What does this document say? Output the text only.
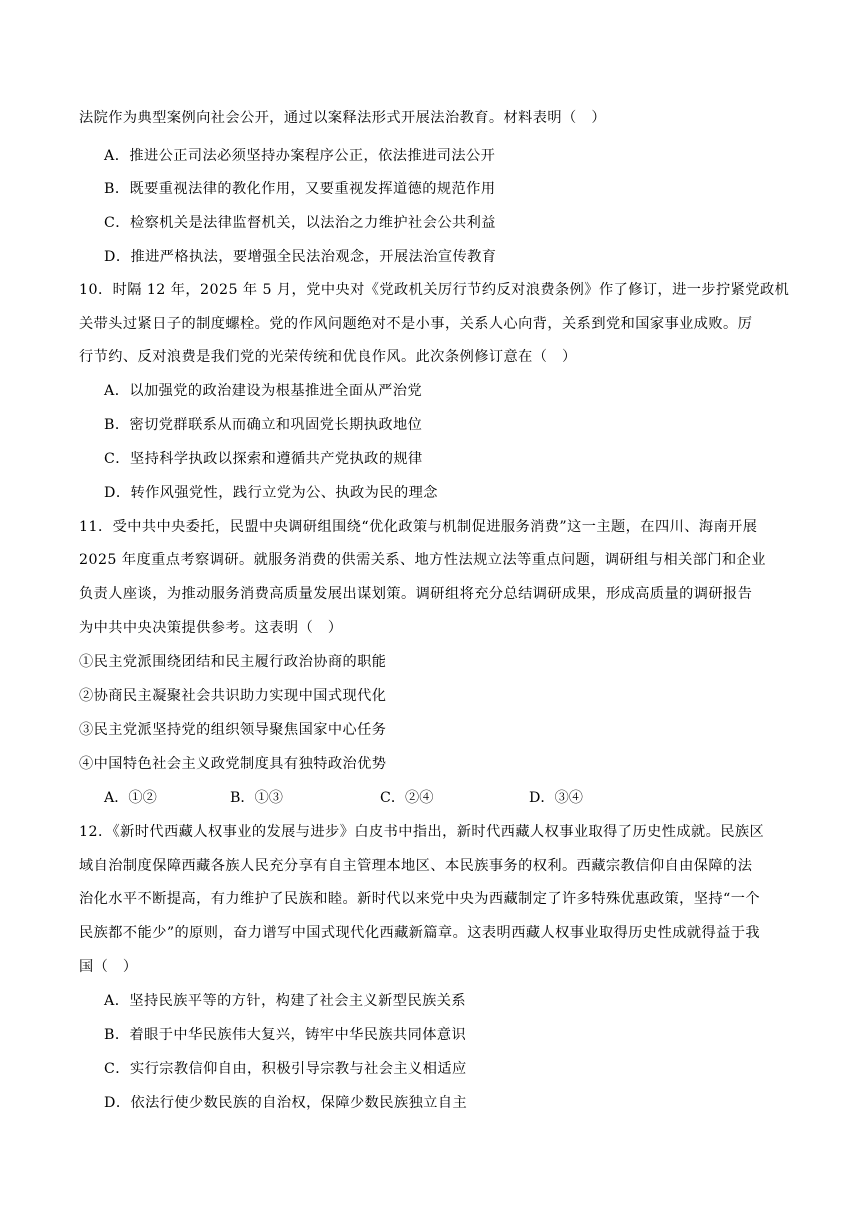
法院作为典型案例向社会公开，通过以案释法形式开展法治教育。材料表明（　）
A．推进公正司法必须坚持办案程序公正，依法推进司法公开
B．既要重视法律的教化作用，又要重视发挥道德的规范作用
C．检察机关是法律监督机关，以法治之力维护社会公共利益
D．推进严格执法，要增强全民法治观念，开展法治宣传教育
10．时隔 12 年，2025 年 5 月，党中央对《党政机关厉行节约反对浪费条例》作了修订，进一步拧紧党政机
关带头过紧日子的制度螺栓。党的作风问题绝对不是小事，关系人心向背，关系到党和国家事业成败。厉
行节约、反对浪费是我们党的光荣传统和优良作风。此次条例修订意在（　）
A．以加强党的政治建设为根基推进全面从严治党
B．密切党群联系从而确立和巩固党长期执政地位
C．坚持科学执政以探索和遵循共产党执政的规律
D．转作风强党性，践行立党为公、执政为民的理念
11．受中共中央委托，民盟中央调研组围绕“优化政策与机制促进服务消费”这一主题，在四川、海南开展
2025 年度重点考察调研。就服务消费的供需关系、地方性法规立法等重点问题，调研组与相关部门和企业
负责人座谈，为推动服务消费高质量发展出谋划策。调研组将充分总结调研成果，形成高质量的调研报告
为中共中央决策提供参考。这表明（　）
①民主党派围绕团结和民主履行政治协商的职能
②协商民主凝聚社会共识助力实现中国式现代化
③民主党派坚持党的组织领导聚焦国家中心任务
④中国特色社会主义政党制度具有独特政治优势
A．①②	B．①③	C．②④	D．③④
12．《新时代西藏人权事业的发展与进步》白皮书中指出，新时代西藏人权事业取得了历史性成就。民族区
域自治制度保障西藏各族人民充分享有自主管理本地区、本民族事务的权利。西藏宗教信仰自由保障的法
治化水平不断提高，有力维护了民族和睦。新时代以来党中央为西藏制定了许多特殊优惠政策，坚持“一个
民族都不能少”的原则，奋力谱写中国式现代化西藏新篇章。这表明西藏人权事业取得历史性成就得益于我
国（　）
A．坚持民族平等的方针，构建了社会主义新型民族关系
B．着眼于中华民族伟大复兴，铸牢中华民族共同体意识
C．实行宗教信仰自由，积极引导宗教与社会主义相适应
D．依法行使少数民族的自治权，保障少数民族独立自主
